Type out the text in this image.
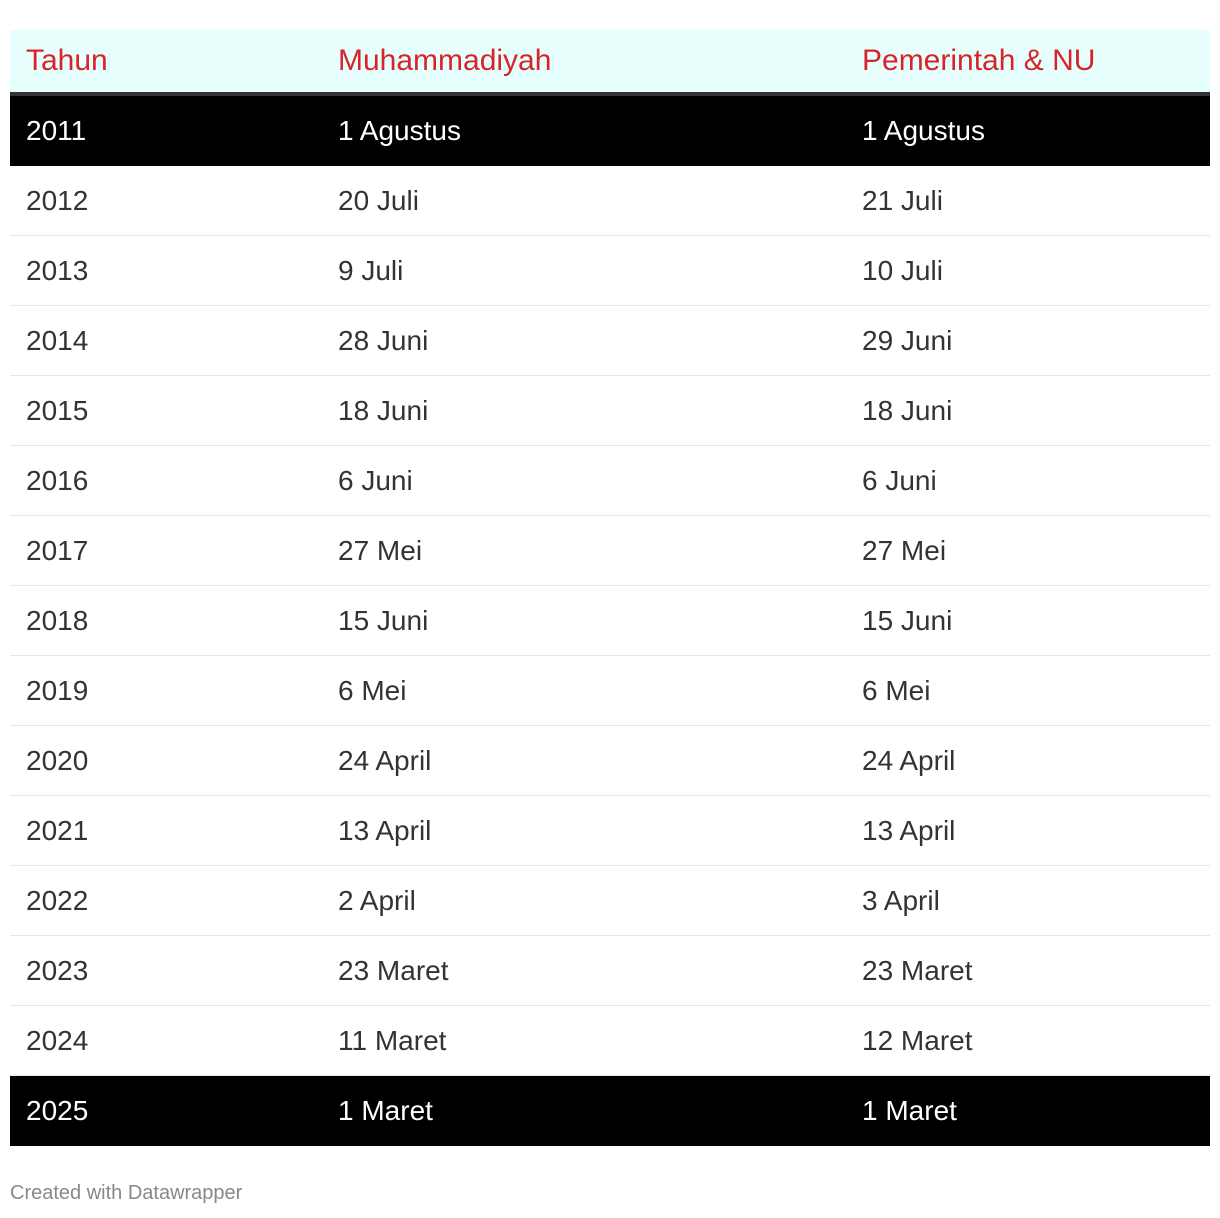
Tahun	Muhammadiyah	Pemerintah & NU
2011	1 Agustus	1 Agustus
2012	20 Juli	21 Juli
2013	9 Juli	10 Juli
2014	28 Juni	29 Juni
2015	18 Juni	18 Juni
2016	6 Juni	6 Juni
2017	27 Mei	27 Mei
2018	15 Juni	15 Juni
2019	6 Mei	6 Mei
2020	24 April	24 April
2021	13 April	13 April
2022	2 April	3 April
2023	23 Maret	23 Maret
2024	11 Maret	12 Maret
2025	1 Maret	1 Maret
Created with Datawrapper
